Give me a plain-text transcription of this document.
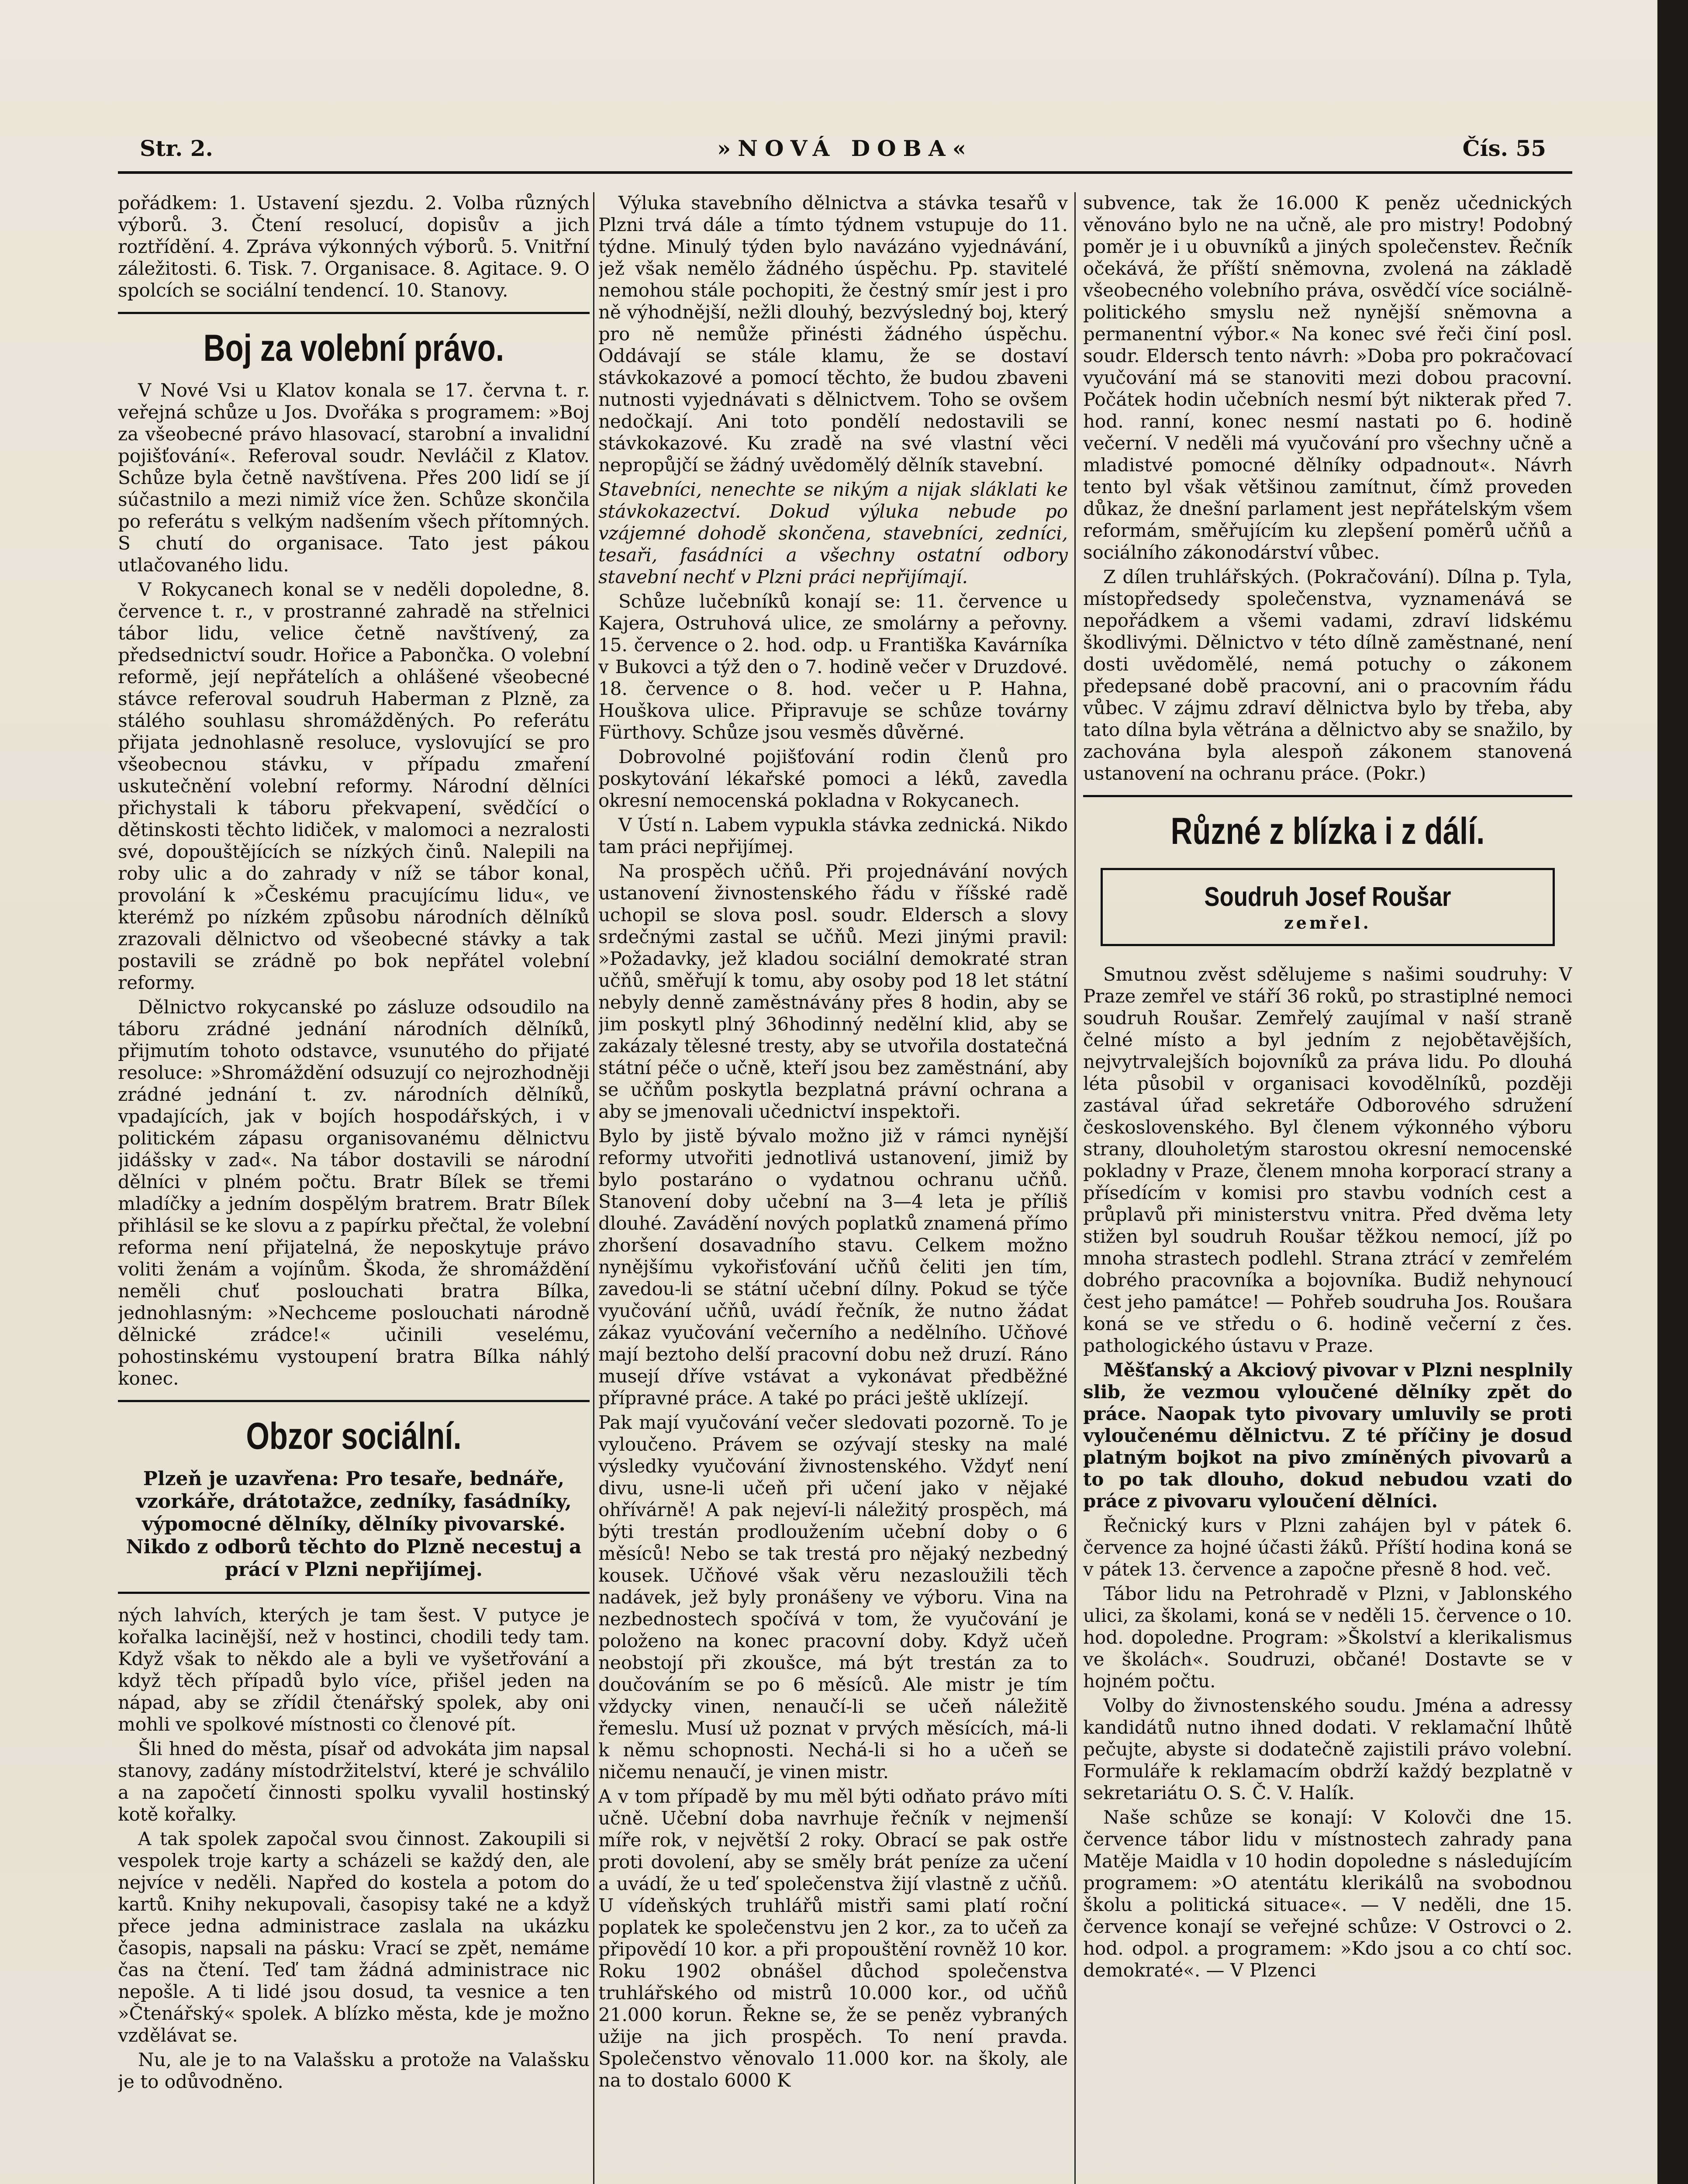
Str. 2.	»NOVÁ DOBA«	Čís. 55

pořádkem: 1. Ustavení sjezdu. 2. Volba různých výborů. 3. Čtení resolucí, dopisův a jich roztřídění. 4. Zpráva výkonných výborů. 5. Vnitřní záležitosti. 6. Tisk. 7. Organisace. 8. Agitace. 9. O spolcích se sociální tendencí. 10. Stanovy.

Boj za volební právo.

V Nové Vsi u Klatov konala se 17. června t. r. veřejná schůze u Jos. Dvořáka s programem: »Boj za všeobecné právo hlasovací, starobní a invalidní pojišťování«. Referoval soudr. Nevláčil z Klatov. Schůze byla četně navštívena. Přes 200 lidí se jí súčastnilo a mezi nimiž více žen. Schůze skončila po referátu s velkým nadšením všech přítomných. S chutí do organisace. Tato jest pákou utlačovaného lidu.

V Rokycanech konal se v neděli dopoledne, 8. července t. r., v prostranné zahradě na střelnici tábor lidu, velice četně navštívený, za předsednictví soudr. Hořice a Pabončka. O volební reformě, její nepřátelích a ohlášené všeobecné stávce referoval soudruh Haberman z Plzně, za stálého souhlasu shromážděných. Po referátu přijata jednohlasně resoluce, vyslovující se pro všeobecnou stávku, v případu zmaření uskutečnění volební reformy. Národní dělníci přichystali k táboru překvapení, svědčící o dětinskosti těchto lidiček, v malomoci a nezralosti své, dopouštějících se nízkých činů. Nalepili na roby ulic a do zahrady v níž se tábor konal, provolání k »Českému pracujícímu lidu«, ve kterémž po nízkém způsobu národních dělníků zrazovali dělnictvo od všeobecné stávky a tak postavili se zrádně po bok nepřátel volební reformy.

Dělnictvo rokycanské po zásluze odsoudilo na táboru zrádné jednání národních dělníků, přijmutím tohoto odstavce, vsunutého do přijaté resoluce: »Shromáždění odsuzují co nejrozhodněji zrádné jednání t. zv. národních dělníků, vpadajících, jak v bojích hospodářských, i v politickém zápasu organisovanému dělnictvu jidášsky v zad«. Na tábor dostavili se národní dělníci v plném počtu. Bratr Bílek se třemi mladíčky a jedním dospělým bratrem. Bratr Bílek přihlásil se ke slovu a z papírku přečtal, že volební reforma není přijatelná, že neposkytuje právo voliti ženám a vojínům. Škoda, že shromáždění neměli chuť poslouchati bratra Bílka, jednohlasným: »Nechceme poslouchati národně dělnické zrádce!« učinili veselému, pohostinskému vystoupení bratra Bílka náhlý konec.

Obzor sociální.
Plzeň je uzavřena: Pro tesaře, bednáře, vzorkáře, drátotažce, zedníky, fasádníky, výpomocné dělníky, dělníky pivovarské. Nikdo z odborů těchto do Plzně necestuj a prácí v Plzni nepřijímej.

ných lahvích, kterých je tam šest. V putyce je kořalka lacinější, než v hostinci, chodili tedy tam. Když však to někdo ale a byli ve vyšetřování a když těch případů bylo více, přišel jeden na nápad, aby se zřídil čtenářský spolek, aby oni mohli ve spolkové místnosti co členové pít.

Šli hned do města, písař od advokáta jim napsal stanovy, zadány místodržitelství, které je schválilo a na započetí činnosti spolku vyvalil hostinský kotě kořalky.

A tak spolek započal svou činnost. Zakoupili si vespolek troje karty a scházeli se každý den, ale nejvíce v neděli. Napřed do kostela a potom do kartů. Knihy nekupovali, časopisy také ne a když přece jedna administrace zaslala na ukázku časopis, napsali na pásku: Vrací se zpět, nemáme čas na čtení. Teď tam žádná administrace nic nepošle. A ti lidé jsou dosud, ta vesnice a ten »Čtenářský« spolek. A blízko města, kde je možno vzdělávat se.

Nu, ale je to na Valašsku a protože na Valašsku je to odůvodněno.

Výluka stavebního dělnictva a stávka tesařů v Plzni trvá dále a tímto týdnem vstupuje do 11. týdne. Minulý týden bylo navázáno vyjednávání, jež však nemělo žádného úspěchu. Pp. stavitelé nemohou stále pochopiti, že čestný smír jest i pro ně výhodnější, nežli dlouhý, bezvýsledný boj, který pro ně nemůže přinésti žádného úspěchu. Oddávají se stále klamu, že se dostaví stávkokazové a pomocí těchto, že budou zbaveni nutnosti vyjednávati s dělnictvem. Toho se ovšem nedočkají. Ani toto pondělí nedostavili se stávkokazové. Ku zradě na své vlastní věci nepropůjčí se žádný uvědomělý dělník stavební.

Stavebníci, nenechte se nikým a nijak sláklati ke stávkokazectví. Dokud výluka nebude po vzájemné dohodě skončena, stavebníci, zedníci, tesaři, fasádníci a všechny ostatní odbory stavební nechť v Plzni práci nepřijímají.

Schůze lučebníků konají se: 11. července u Kajera, Ostruhová ulice, ze smolárny a peřovny. 15. července o 2. hod. odp. u Františka Kavárníka v Bukovci a týž den o 7. hodině večer v Druzdové. 18. července o 8. hod. večer u P. Hahna, Houškova ulice. Připravuje se schůze továrny Fürthovy. Schůze jsou vesměs důvěrné.

Dobrovolné pojišťování rodin členů pro poskytování lékařské pomoci a léků, zavedla okresní nemocenská pokladna v Rokycanech.

V Ústí n. Labem vypukla stávka zednická. Nikdo tam práci nepřijímej.

Na prospěch učňů. Při projednávání nových ustanovení živnostenského řádu v říšské radě uchopil se slova posl. soudr. Eldersch a slovy srdečnými zastal se učňů. Mezi jinými pravil: »Požadavky, jež kladou sociální demokraté stran učňů, směřují k tomu, aby osoby pod 18 let státní nebyly denně zaměstnávány přes 8 hodin, aby se jim poskytl plný 36hodinný nedělní klid, aby se zakázaly tělesné tresty, aby se utvořila dostatečná státní péče o učně, kteří jsou bez zaměstnání, aby se učňům poskytla bezplatná právní ochrana a aby se jmenovali učednictví inspektoři.

Bylo by jistě bývalo možno již v rámci nynější reformy utvořiti jednotlivá ustanovení, jimiž by bylo postaráno o vydatnou ochranu učňů. Stanovení doby učební na 3—4 leta je příliš dlouhé. Zavádění nových poplatků znamená přímo zhoršení dosavadního stavu. Celkem možno nynějšímu vykořisťování učňů čeliti jen tím, zavedou-li se státní učební dílny. Pokud se týče vyučování učňů, uvádí řečník, že nutno žádat zákaz vyučování večerního a nedělního. Učňové mají beztoho delší pracovní dobu než druzí. Ráno musejí dříve vstávat a vykonávat předběžné přípravné práce. A také po práci ještě uklízejí.

Pak mají vyučování večer sledovati pozorně. To je vyloučeno. Právem se ozývají stesky na malé výsledky vyučování živnostenského. Vždyť není divu, usne-li učeň při učení jako v nějaké ohřívárně! A pak nejeví-li náležitý prospěch, má býti trestán prodloužením učební doby o 6 měsíců! Nebo se tak trestá pro nějaký nezbedný kousek. Učňové však věru nezasloužili těch nadávek, jež byly pronášeny ve výboru. Vina na nezbednostech spočívá v tom, že vyučování je položeno na konec pracovní doby. Když učeň neobstojí při zkoušce, má být trestán za to doučováním se po 6 měsíců. Ale mistr je tím vždycky vinen, nenaučí-li se učeň náležitě řemeslu. Musí už poznat v prvých měsících, má-li k němu schopnosti. Nechá-li si ho a učeň se ničemu nenaučí, je vinen mistr.

A v tom případě by mu měl býti odňato právo míti učně. Učební doba navrhuje řečník v nejmenší míře rok, v největší 2 roky. Obrací se pak ostře proti dovolení, aby se směly brát peníze za učení a uvádí, že u teď společenstva žijí vlastně z učňů. U vídeňských truhlářů mistři sami platí roční poplatek ke společenstvu jen 2 kor., za to učeň za připovědí 10 kor. a při propouštění rovněž 10 kor. Roku 1902 obnášel důchod společenstva truhlářského od mistrů 10.000 kor., od učňů 21.000 korun. Řekne se, že se peněz vybraných užije na jich prospěch. To není pravda. Společenstvo věnovalo 11.000 kor. na školy, ale na to dostalo 6000 K

subvence, tak že 16.000 K peněz učednických věnováno bylo ne na učně, ale pro mistry! Podobný poměr je i u obuvníků a jiných společenstev. Řečník očekává, že příští sněmovna, zvolená na základě všeobecného volebního práva, osvědčí více sociálně-politického smyslu než nynější sněmovna a permanentní výbor.« Na konec své řeči činí posl. soudr. Eldersch tento návrh: »Doba pro pokračovací vyučování má se stanoviti mezi dobou pracovní. Počátek hodin učebních nesmí být nikterak před 7. hod. ranní, konec nesmí nastati po 6. hodině večerní. V neděli má vyučování pro všechny učně a mladistvé pomocné dělníky odpadnout«. Návrh tento byl však většinou zamítnut, čímž proveden důkaz, že dnešní parlament jest nepřátelským všem reformám, směřujícím ku zlepšení poměrů učňů a sociálního zákonodárství vůbec.

Z dílen truhlářských. (Pokračování). Dílna p. Tyla, místopředsedy společenstva, vyznamenává se nepořádkem a všemi vadami, zdraví lidskému škodlivými. Dělnictvo v této dílně zaměstnané, není dosti uvědomělé, nemá potuchy o zákonem předepsané době pracovní, ani o pracovním řádu vůbec. V zájmu zdraví dělnictva bylo by třeba, aby tato dílna byla větrána a dělnictvo aby se snažilo, by zachována byla alespoň zákonem stanovená ustanovení na ochranu práce. (Pokr.)

Různé z blízka i z dálí.
Soudruh Josef Roušar
zemřel.

Smutnou zvěst sdělujeme s našimi soudruhy: V Praze zemřel ve stáří 36 roků, po strastiplné nemoci soudruh Roušar. Zemřelý zaujímal v naší straně čelné místo a byl jedním z nejobětavějších, nejvytrvalejších bojovníků za práva lidu. Po dlouhá léta působil v organisaci kovodělníků, později zastával úřad sekretáře Odborového sdružení československého. Byl členem výkonného výboru strany, dlouholetým starostou okresní nemocenské pokladny v Praze, členem mnoha korporací strany a přísedícím v komisi pro stavbu vodních cest a průplavů při ministerstvu vnitra. Před dvěma lety stižen byl soudruh Roušar těžkou nemocí, jíž po mnoha strastech podlehl. Strana ztrácí v zemřelém dobrého pracovníka a bojovníka. Budiž nehynoucí čest jeho památce! — Pohřeb soudruha Jos. Roušara koná se ve středu o 6. hodině večerní z čes. pathologického ústavu v Praze.

Měšťanský a Akciový pivovar v Plzni nesplnily slib, že vezmou vyloučené dělníky zpět do práce. Naopak tyto pivovary umluvily se proti vyloučenému dělnictvu. Z té příčiny je dosud platným bojkot na pivo zmíněných pivovarů a to po tak dlouho, dokud nebudou vzati do práce z pivovaru vyloučení dělníci.

Řečnický kurs v Plzni zahájen byl v pátek 6. července za hojné účasti žáků. Příští hodina koná se v pátek 13. července a započne přesně 8 hod. več.

Tábor lidu na Petrohradě v Plzni, v Jablonského ulici, za školami, koná se v neděli 15. července o 10. hod. dopoledne. Program: »Školství a klerikalismus ve školách«. Soudruzi, občané! Dostavte se v hojném počtu.

Volby do živnostenského soudu. Jména a adressy kandidátů nutno ihned dodati. V reklamační lhůtě pečujte, abyste si dodatečně zajistili právo volební. Formuláře k reklamacím obdrží každý bezplatně v sekretariátu O. S. Č. V. Halík.

Naše schůze se konají: V Kolovči dne 15. července tábor lidu v místnostech zahrady pana Matěje Maidla v 10 hodin dopoledne s následujícím programem: »O atentátu klerikálů na svobodnou školu a politická situace«. — V neděli, dne 15. července konají se veřejné schůze: V Ostrovci o 2. hod. odpol. a programem: »Kdo jsou a co chtí soc. demokraté«. — V Plzenci
